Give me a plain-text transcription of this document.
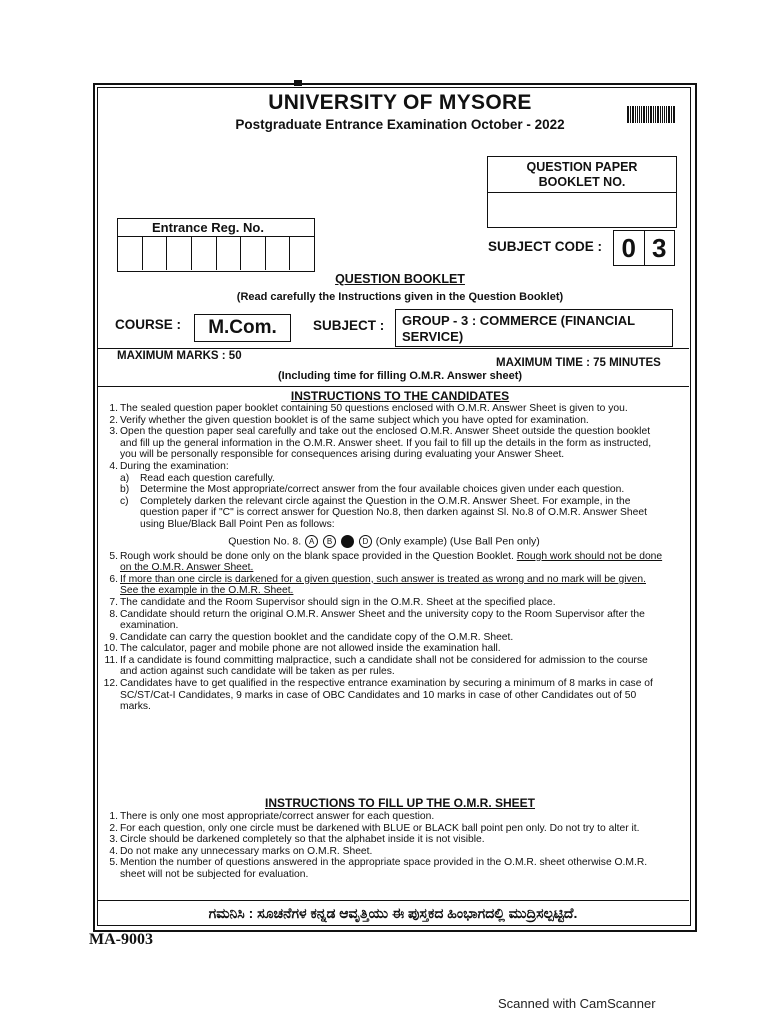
UNIVERSITY OF MYSORE
Postgraduate Entrance Examination October - 2022
QUESTION PAPER
BOOKLET NO.
Entrance Reg. No.
SUBJECT CODE : 0 3
QUESTION BOOKLET
(Read carefully the Instructions given in the Question Booklet)
COURSE :	M.Com.	SUBJECT :	GROUP - 3 : COMMERCE (FINANCIAL SERVICE)
MAXIMUM MARKS : 50
MAXIMUM TIME : 75 MINUTES
(Including time for filling O.M.R. Answer sheet)
INSTRUCTIONS TO THE CANDIDATES
1. The sealed question paper booklet containing 50 questions enclosed with O.M.R. Answer Sheet is given to you.
2. Verify whether the given question booklet is of the same subject which you have opted for examination.
3. Open the question paper seal carefully and take out the enclosed O.M.R. Answer Sheet outside the question booklet and fill up the general information in the O.M.R. Answer sheet. If you fail to fill up the details in the form as instructed, you will be personally responsible for consequences arising during evaluating your Answer Sheet.
4. During the examination:
a) Read each question carefully.
b) Determine the Most appropriate/correct answer from the four available choices given under each question.
c) Completely darken the relevant circle against the Question in the O.M.R. Answer Sheet. For example, in the question paper if "C" is correct answer for Question No.8, then darken against Sl. No.8 of O.M.R. Answer Sheet using Blue/Black Ball Point Pen as follows:
Question No. 8. A B	D (Only example) (Use Ball Pen only)
5. Rough work should be done only on the blank space provided in the Question Booklet. Rough work should not be done on the O.M.R. Answer Sheet.
6. If more than one circle is darkened for a given question, such answer is treated as wrong and no mark will be given. See the example in the O.M.R. Sheet.
7. The candidate and the Room Supervisor should sign in the O.M.R. Sheet at the specified place.
8. Candidate should return the original O.M.R. Answer Sheet and the university copy to the Room Supervisor after the examination.
9. Candidate can carry the question booklet and the candidate copy of the O.M.R. Sheet.
10. The calculator, pager and mobile phone are not allowed inside the examination hall.
11. If a candidate is found committing malpractice, such a candidate shall not be considered for admission to the course and action against such candidate will be taken as per rules.
12. Candidates have to get qualified in the respective entrance examination by securing a minimum of 8 marks in case of SC/ST/Cat-I Candidates, 9 marks in case of OBC Candidates and 10 marks in case of other Candidates out of 50 marks.
INSTRUCTIONS TO FILL UP THE O.M.R. SHEET
1. There is only one most appropriate/correct answer for each question.
2. For each question, only one circle must be darkened with BLUE or BLACK ball point pen only. Do not try to alter it.
3. Circle should be darkened completely so that the alphabet inside it is not visible.
4. Do not make any unnecessary marks on O.M.R. Sheet.
5. Mention the number of questions answered in the appropriate space provided in the O.M.R. sheet otherwise O.M.R. sheet will not be subjected for evaluation.
ಗಮನಿಸಿ : ಸೂಚನೆಗಳ ಕನ್ನಡ ಆವೃತ್ತಿಯು ಈ ಪುಸ್ತಕದ ಹಿಂಭಾಗದಲ್ಲಿ ಮುದ್ರಿಸಲ್ಪಟ್ಟಿದೆ.
MA-9003
Scanned with CamScanner
